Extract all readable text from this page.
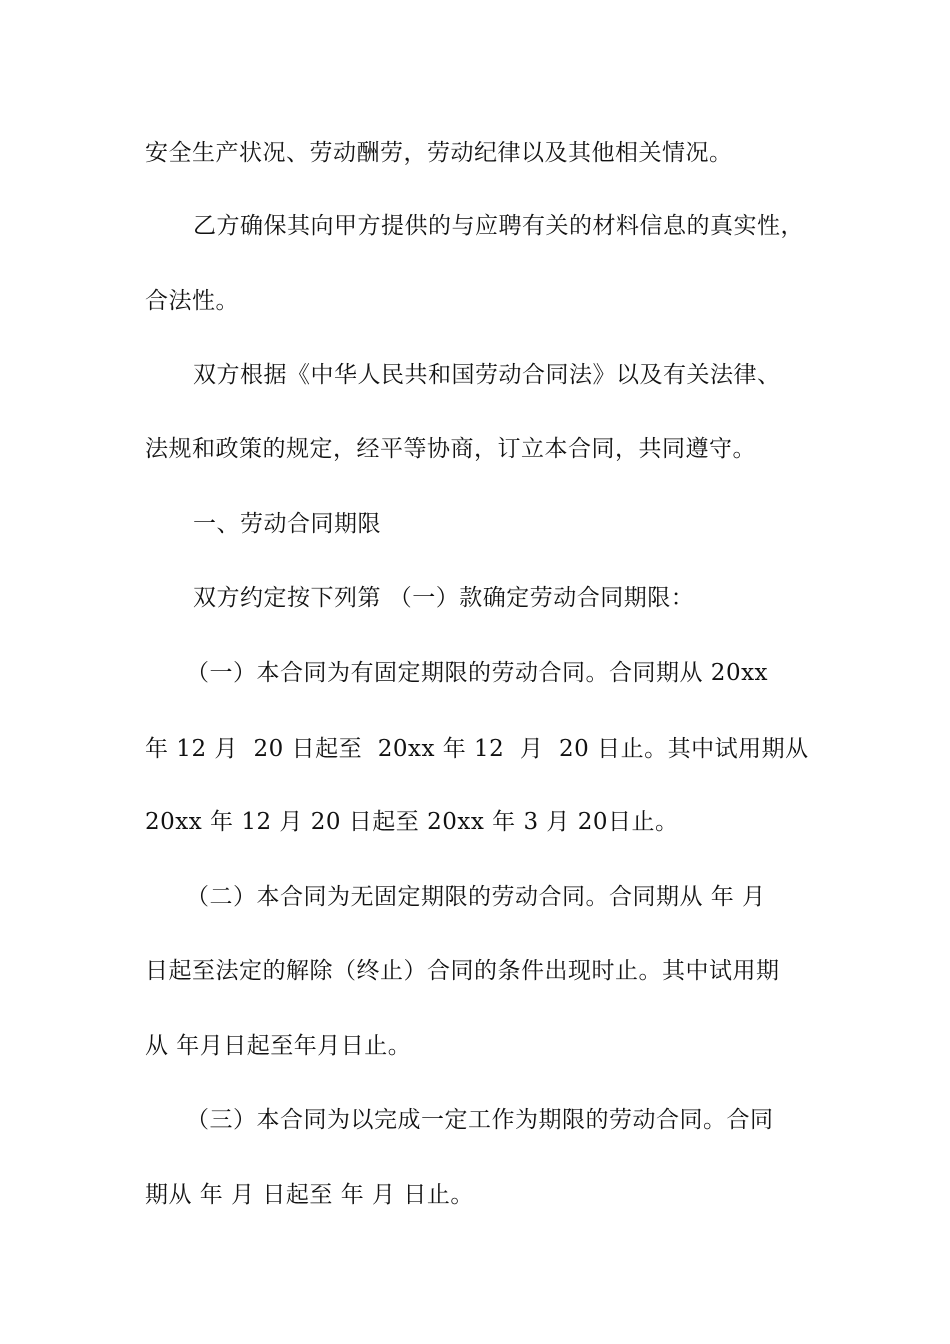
安全生产状况、劳动酬劳，劳动纪律以及其他相关情况。
乙方确保其向甲方提供的与应聘有关的材料信息的真实性，
合法性。
双方根据《中华人民共和国劳动合同法》以及有关法律、
法规和政策的规定，经平等协商，订立本合同，共同遵守。
一、劳动合同期限
双方约定按下列第 （一）款确定劳动合同期限：
（一）本合同为有固定期限的劳动合同。合同期从 20xx
年 12 月  20 日起至  20xx 年 12  月  20 日止。其中试用期从
20xx 年 12 月 20 日起至 20xx 年 3 月 20日止。
（二）本合同为无固定期限的劳动合同。合同期从 年 月
日起至法定的解除（终止）合同的条件出现时止。其中试用期
从 年月日起至年月日止。
（三）本合同为以完成一定工作为期限的劳动合同。合同
期从 年 月 日起至 年 月 日止。
